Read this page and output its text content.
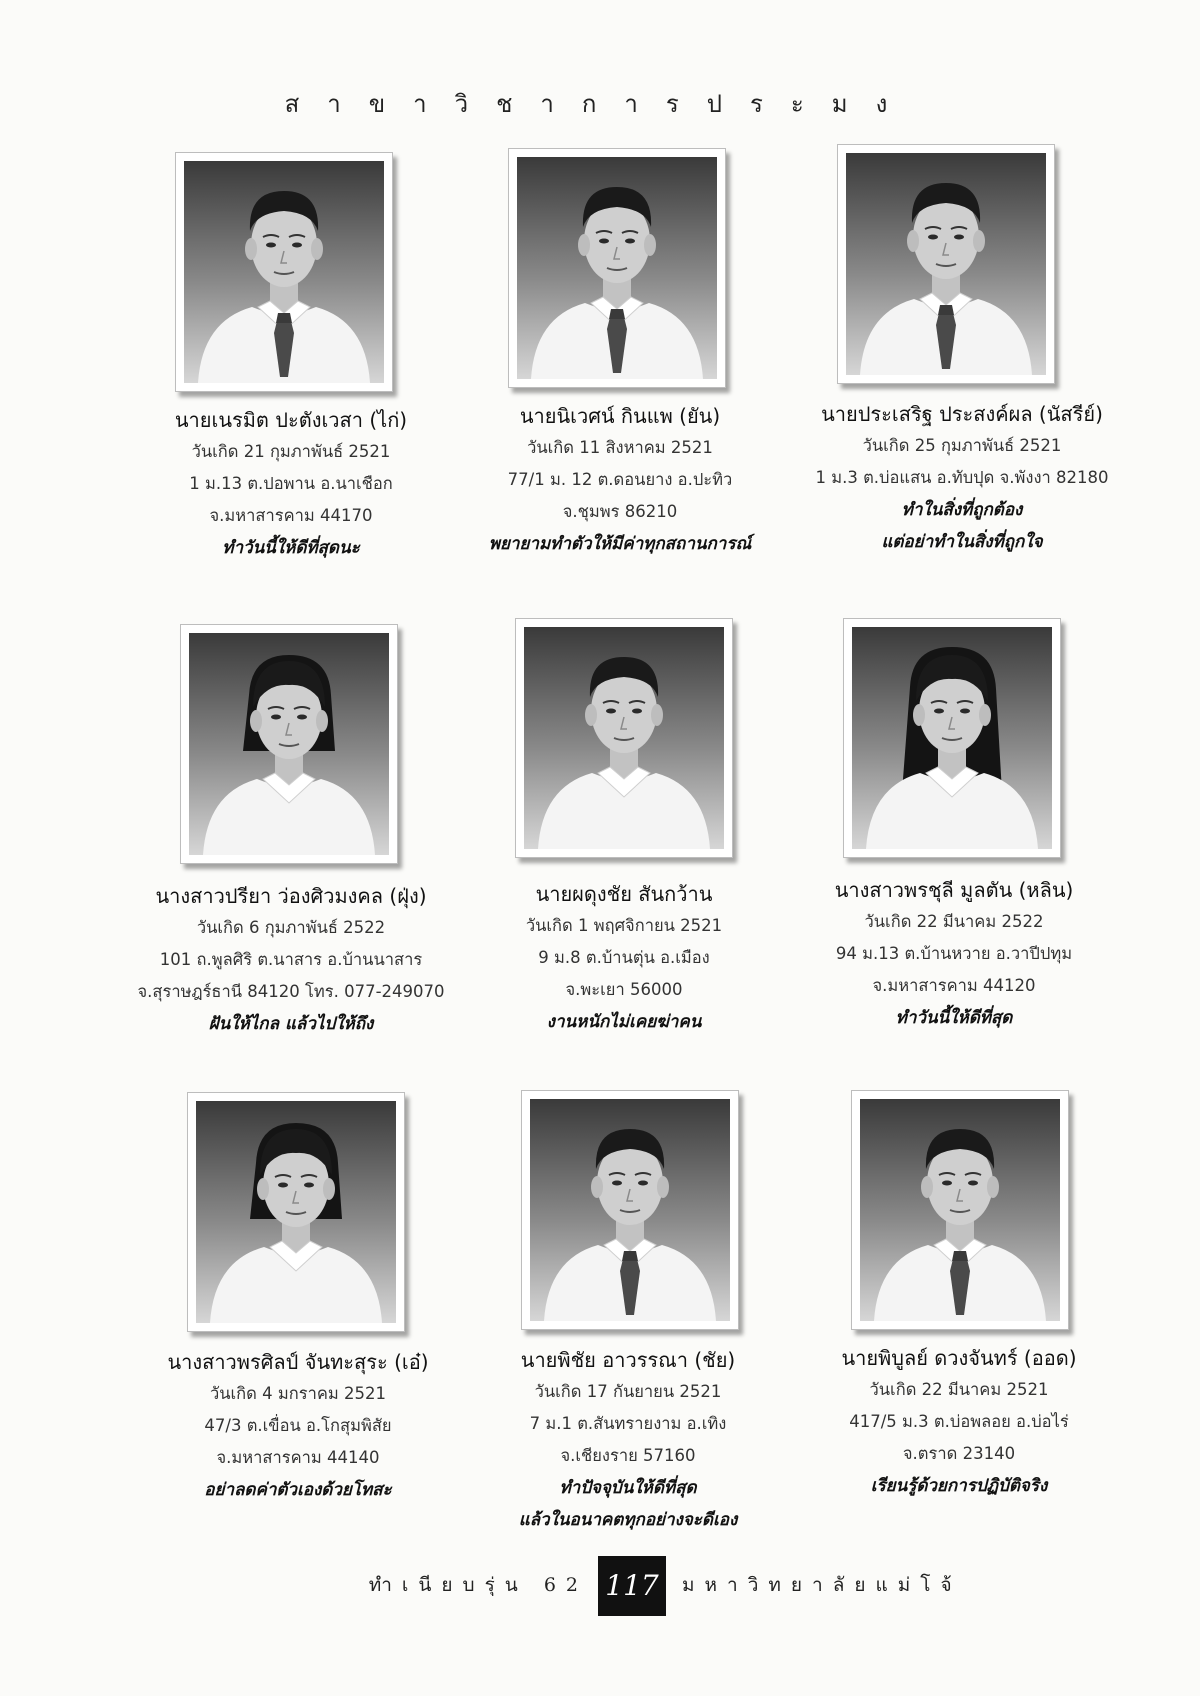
สาขาวิชาการประมง
นายเนรมิต ปะตังเวสา (ไก่)
วันเกิด 21 กุมภาพันธ์ 2521
1 ม.13 ต.ปอพาน อ.นาเชือก
จ.มหาสารคาม 44170
ทำวันนี้ให้ดีที่สุดนะ
นายนิเวศน์ กินแพ (ยัน)
วันเกิด 11 สิงหาคม 2521
77/1 ม. 12 ต.ดอนยาง อ.ปะทิว
จ.ชุมพร 86210
พยายามทำตัวให้มีค่าทุกสถานการณ์
นายประเสริฐ ประสงค์ผล (นัสรีย์)
วันเกิด 25 กุมภาพันธ์ 2521
1 ม.3 ต.บ่อแสน อ.ทับปุด จ.พังงา 82180
ทำในสิ่งที่ถูกต้อง
แต่อย่าทำในสิ่งที่ถูกใจ
นางสาวปรียา ว่องศิวมงคล (ฝุ่ง)
วันเกิด 6 กุมภาพันธ์ 2522
101 ถ.พูลศิริ ต.นาสาร อ.บ้านนาสาร
จ.สุราษฎร์ธานี 84120 โทร. 077-249070
ฝันให้ไกล แล้วไปให้ถึง
นายผดุงชัย สันกว้าน
วันเกิด 1 พฤศจิกายน 2521
9 ม.8 ต.บ้านตุ่น อ.เมือง
จ.พะเยา 56000
งานหนักไม่เคยฆ่าคน
นางสาวพรชุลี มูลตัน (หลิน)
วันเกิด 22 มีนาคม 2522
94 ม.13 ต.บ้านหวาย อ.วาปีปทุม
จ.มหาสารคาม 44120
ทำวันนี้ให้ดีที่สุด
นางสาวพรศิลป์ จันทะสุระ (เอ๋)
วันเกิด 4 มกราคม 2521
47/3 ต.เขื่อน อ.โกสุมพิสัย
จ.มหาสารคาม 44140
อย่าลดค่าตัวเองด้วยโทสะ
นายพิชัย อาวรรณา (ชัย)
วันเกิด 17 กันยายน 2521
7 ม.1 ต.สันทรายงาม อ.เทิง
จ.เชียงราย 57160
ทำปัจจุบันให้ดีที่สุด
แล้วในอนาคตทุกอย่างจะดีเอง
นายพิบูลย์ ดวงจันทร์ (ออด)
วันเกิด 22 มีนาคม 2521
417/5 ม.3 ต.บ่อพลอย อ.บ่อไร่
จ.ตราด 23140
เรียนรู้ด้วยการปฏิบัติจริง
ทำเนียบรุ่น 62 117	มหาวิทยาลัยแม่โจ้
